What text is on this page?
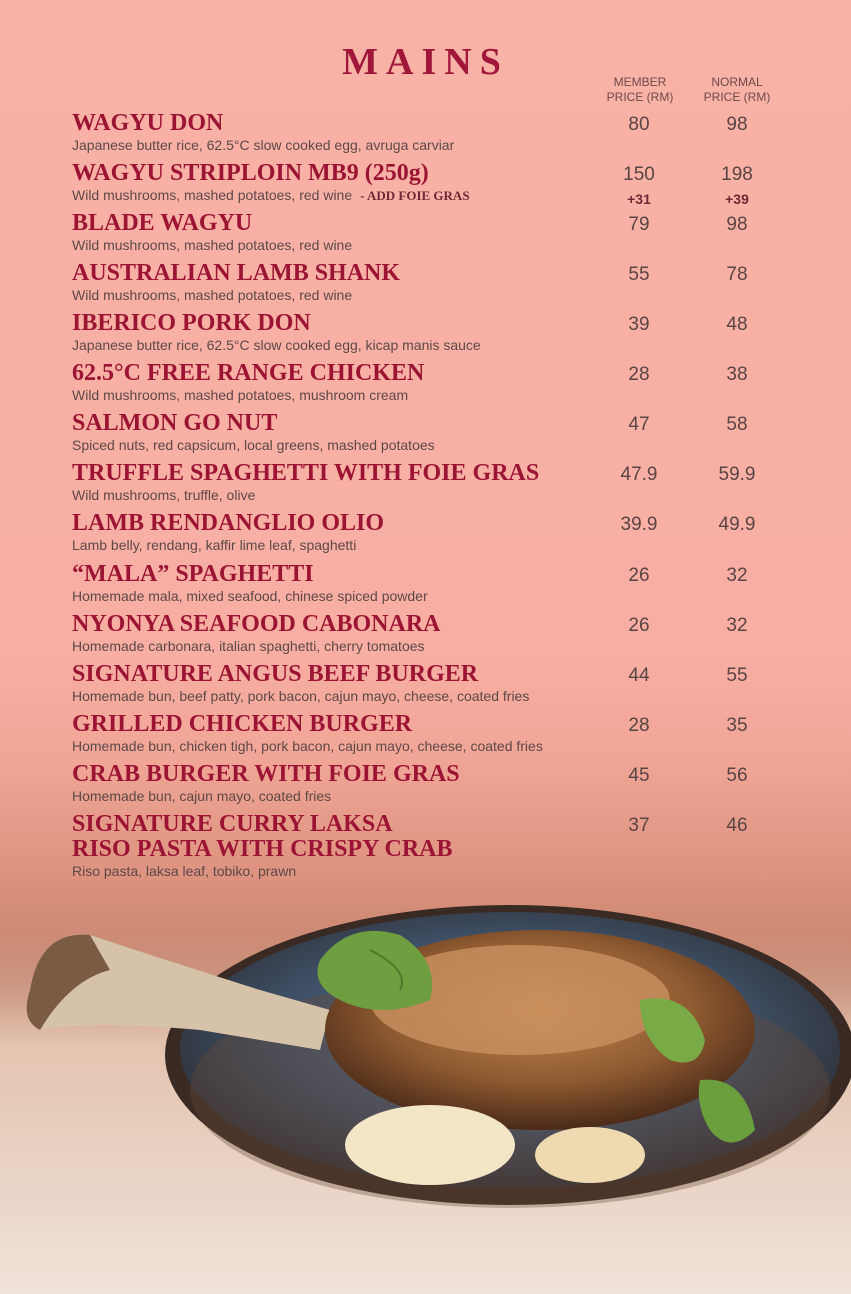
MAINS	MEMBER
PRICE (RM)
NORMAL
PRICE (RM)
WAGYU DON
Japanese butter rice, 62.5°C slow cooked egg, avruga carviar
80	98
WAGYU STRIPLOIN MB9 (250g)
Wild mushrooms, mashed potatoes, red wine - ADD FOIE GRAS
150	198
+31	+39
BLADE WAGYU
Wild mushrooms, mashed potatoes, red wine
79	98
AUSTRALIAN LAMB SHANK
Wild mushrooms, mashed potatoes, red wine
55	78
IBERICO PORK DON
Japanese butter rice, 62.5°C slow cooked egg, kicap manis sauce
39	48
62.5°C FREE RANGE CHICKEN
Wild mushrooms, mashed potatoes, mushroom cream
28	38
SALMON GO NUT
Spiced nuts, red capsicum, local greens, mashed potatoes
47	58
TRUFFLE SPAGHETTI WITH FOIE GRAS
Wild mushrooms, truffle, olive
47.9	59.9
LAMB RENDANGLIO OLIO
Lamb belly, rendang, kaffir lime leaf, spaghetti
39.9	49.9
“MALA” SPAGHETTI
Homemade mala, mixed seafood, chinese spiced powder
26	32
NYONYA SEAFOOD CABONARA
Homemade carbonara, italian spaghetti, cherry tomatoes
26	32
SIGNATURE ANGUS BEEF BURGER
Homemade bun, beef patty, pork bacon, cajun mayo, cheese, coated fries
44	55
GRILLED CHICKEN BURGER
Homemade bun, chicken tigh, pork bacon, cajun mayo, cheese, coated fries
28	35
CRAB BURGER WITH FOIE GRAS
Homemade bun, cajun mayo, coated fries
45	56
SIGNATURE CURRY LAKSA
RISO PASTA WITH CRISPY CRAB
Riso pasta, laksa leaf, tobiko, prawn
37	46
